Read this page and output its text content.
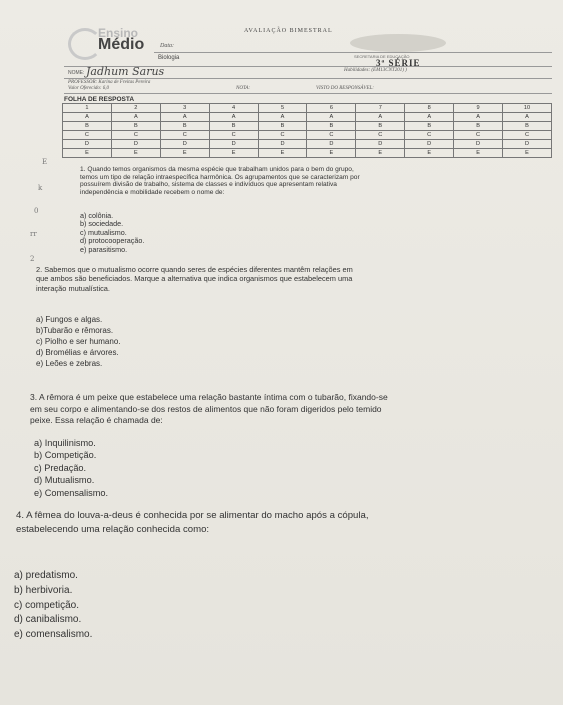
Ensino
Médio
AVALIAÇÃO BIMESTRAL
Data:
SECRETARIA DE EDUCAÇÃO
Biologia	3ª SÉRIE
NOME: Jadhum Sarus	Habilidades: (EM13CNT201) )
PROFESSOR: Karina de Freitas Pereira
Valor Oferecido: 6,0	NOTA:	VISTO DO RESPONSÁVEL:
FOLHA DE RESPOSTA
1	2	3	4	5	6	7	8	9	10
A	A	A	A	A	A	A	A	A	A
B	B	B	B	B	B	B	B	B	B
C	C	C	C	C	C	C	C	C	C
D	D	D	D	D	D	D	D	D	D
E	E	E	E	E	E	E	E	E	E
E
k
0
rr
2
1. Quando temos organismos da mesma espécie que trabalham unidos para o bem do grupo,
temos um tipo de relação intraespecífica harmônica. Os agrupamentos que se caracterizam por
possuírem divisão de trabalho, sistema de classes e indivíduos que apresentam relativa
independência e mobilidade recebem o nome de:
a) colônia.
b) sociedade.
c) mutualismo.
d) protocooperação.
e) parasitismo.
2. Sabemos que o mutualismo ocorre quando seres de espécies diferentes mantêm relações em
que ambos são beneficiados. Marque a alternativa que indica organismos que estabelecem uma
interação mutualística.
a) Fungos e algas.
b)Tubarão e rêmoras.
c) Piolho e ser humano.
d) Bromélias e árvores.
e) Leões e zebras.
3. A rêmora é um peixe que estabelece uma relação bastante íntima com o tubarão, fixando-se
em seu corpo e alimentando-se dos restos de alimentos que não foram digeridos pelo temido
peixe. Essa relação é chamada de:
a) Inquilinismo.
b) Competição.
c) Predação.
d) Mutualismo.
e) Comensalismo.
4. A fêmea do louva-a-deus é conhecida por se alimentar do macho após a cópula,
estabelecendo uma relação conhecida como:
a) predatismo.
b) herbivoria.
c) competição.
d) canibalismo.
e) comensalismo.
